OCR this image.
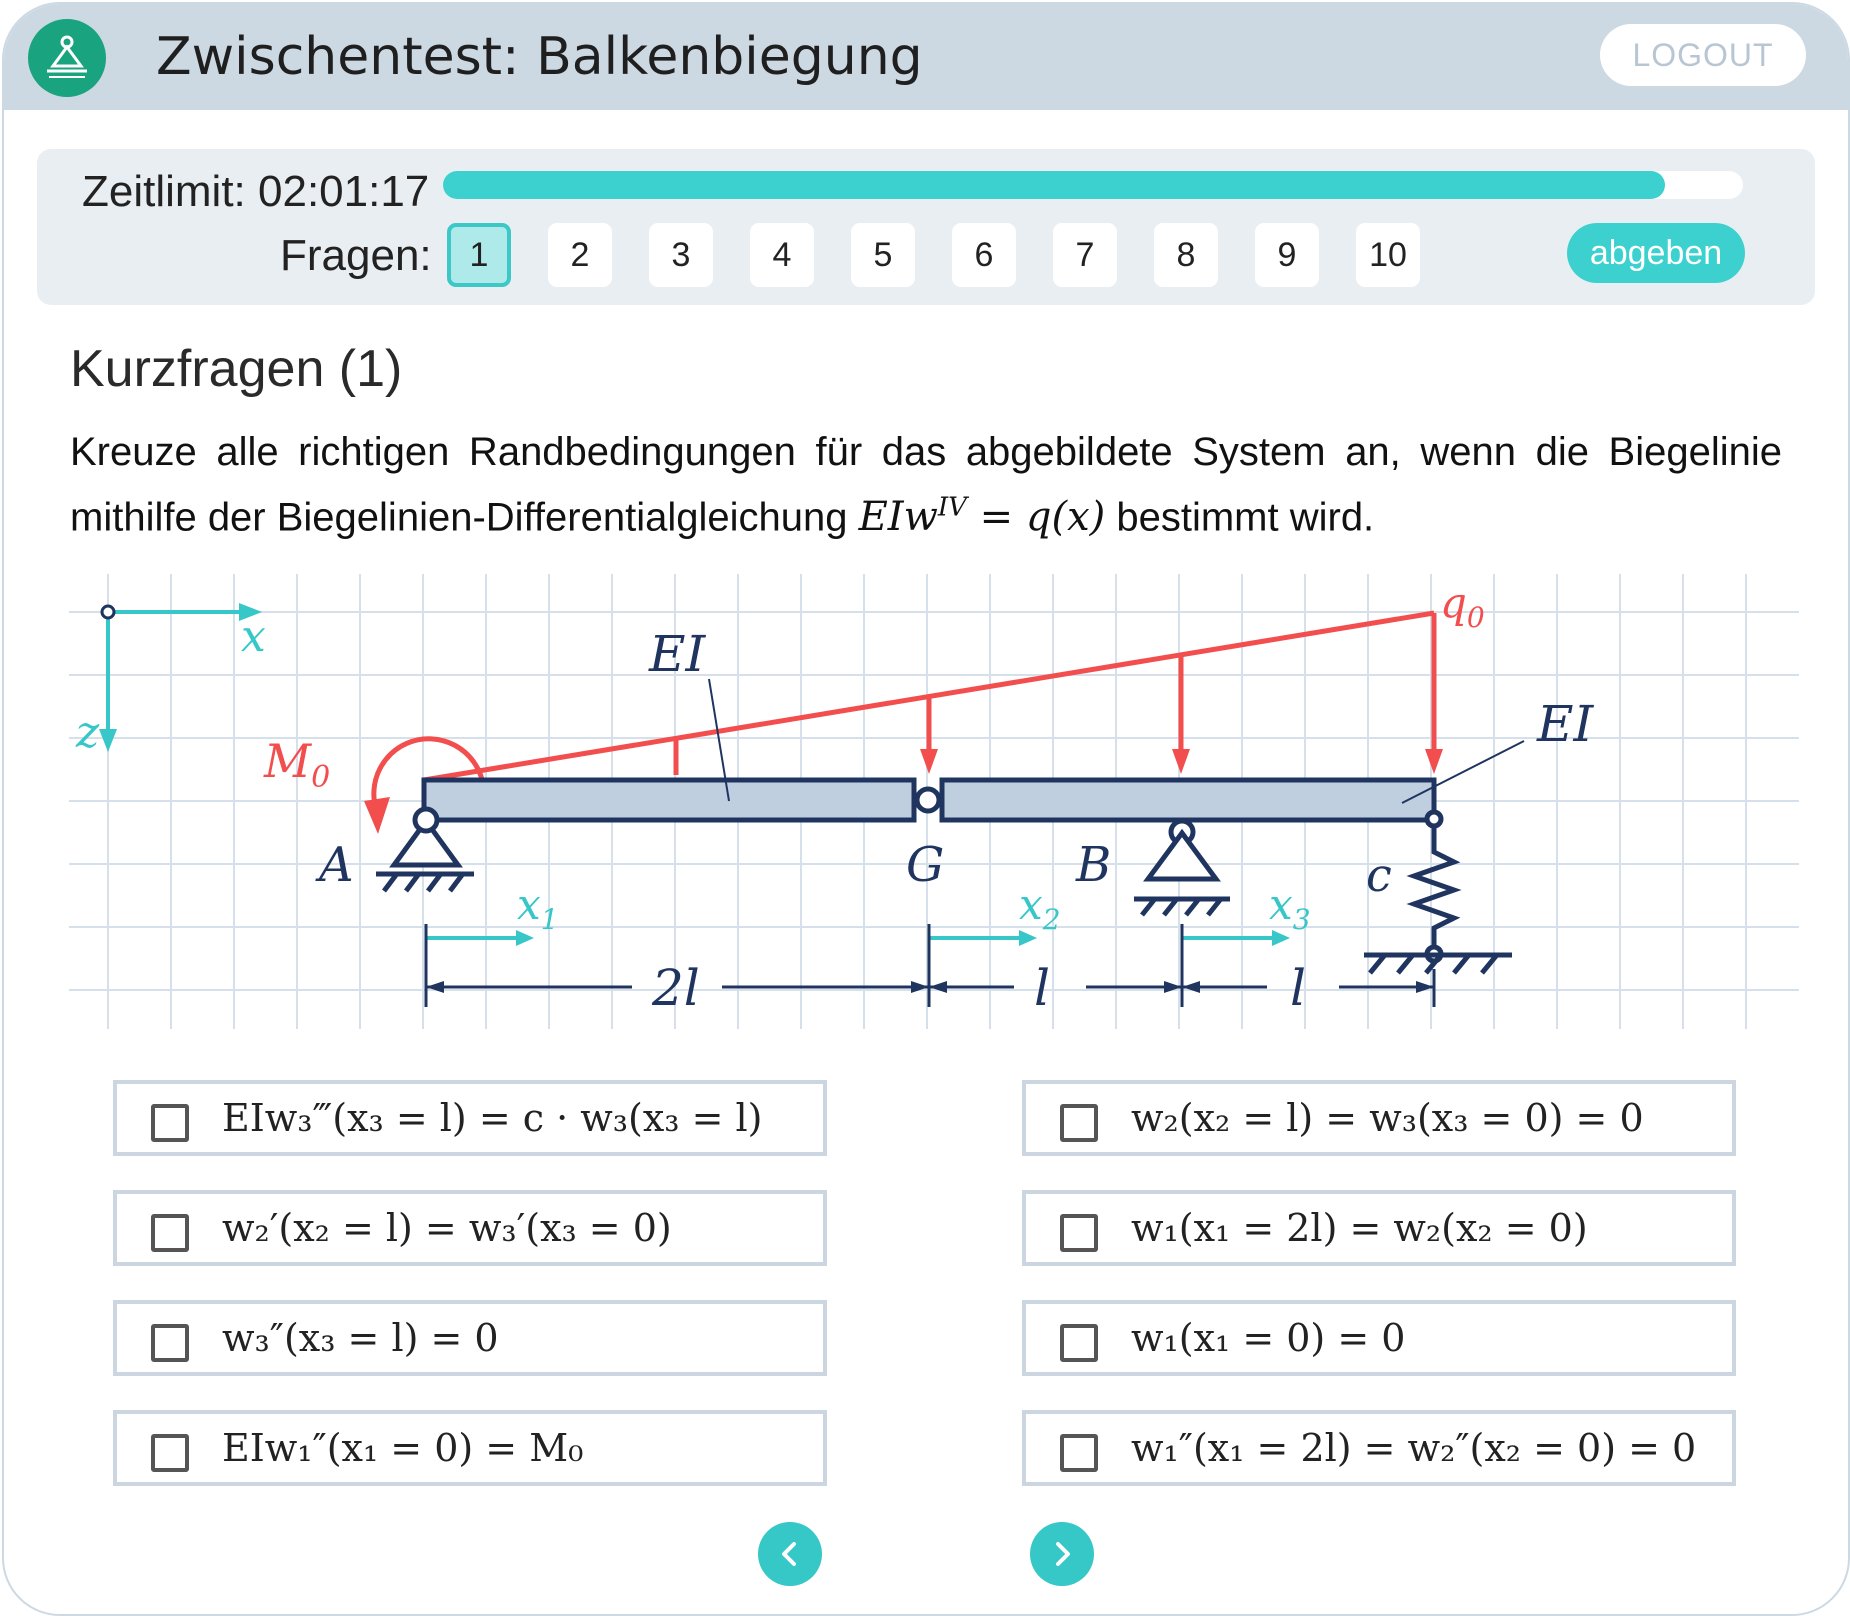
Zwischentest: Balkenbiegung	LOGOUT
Zeitlimit: 02:01:17
Fragen:	1	2	3	4	5	6	7	8	9	10	abgeben
Kurzfragen (1)
Kreuze alle richtigen Randbedingungen für das abgebildete System an, wenn die Biegelinie mithilfe der Biegelinien-Differentialgleichung EIw$^{IV}$ = q(x) bestimmt wird.
x
z
$q_0$
$M_0$
EI
EI
A	G	B	c
$x_1$	$x_2$	$x_3$
2l	l	l
EIw₃‴(x₃ = l) = c · w₃(x₃ = l)
w₂′(x₂ = l) = w₃′(x₃ = 0)
w₃″(x₃ = l) = 0
EIw₁″(x₁ = 0) = M₀
w₂(x₂ = l) = w₃(x₃ = 0) = 0
w₁(x₁ = 2l) = w₂(x₂ = 0)
w₁(x₁ = 0) = 0
w₁″(x₁ = 2l) = w₂″(x₂ = 0) = 0
